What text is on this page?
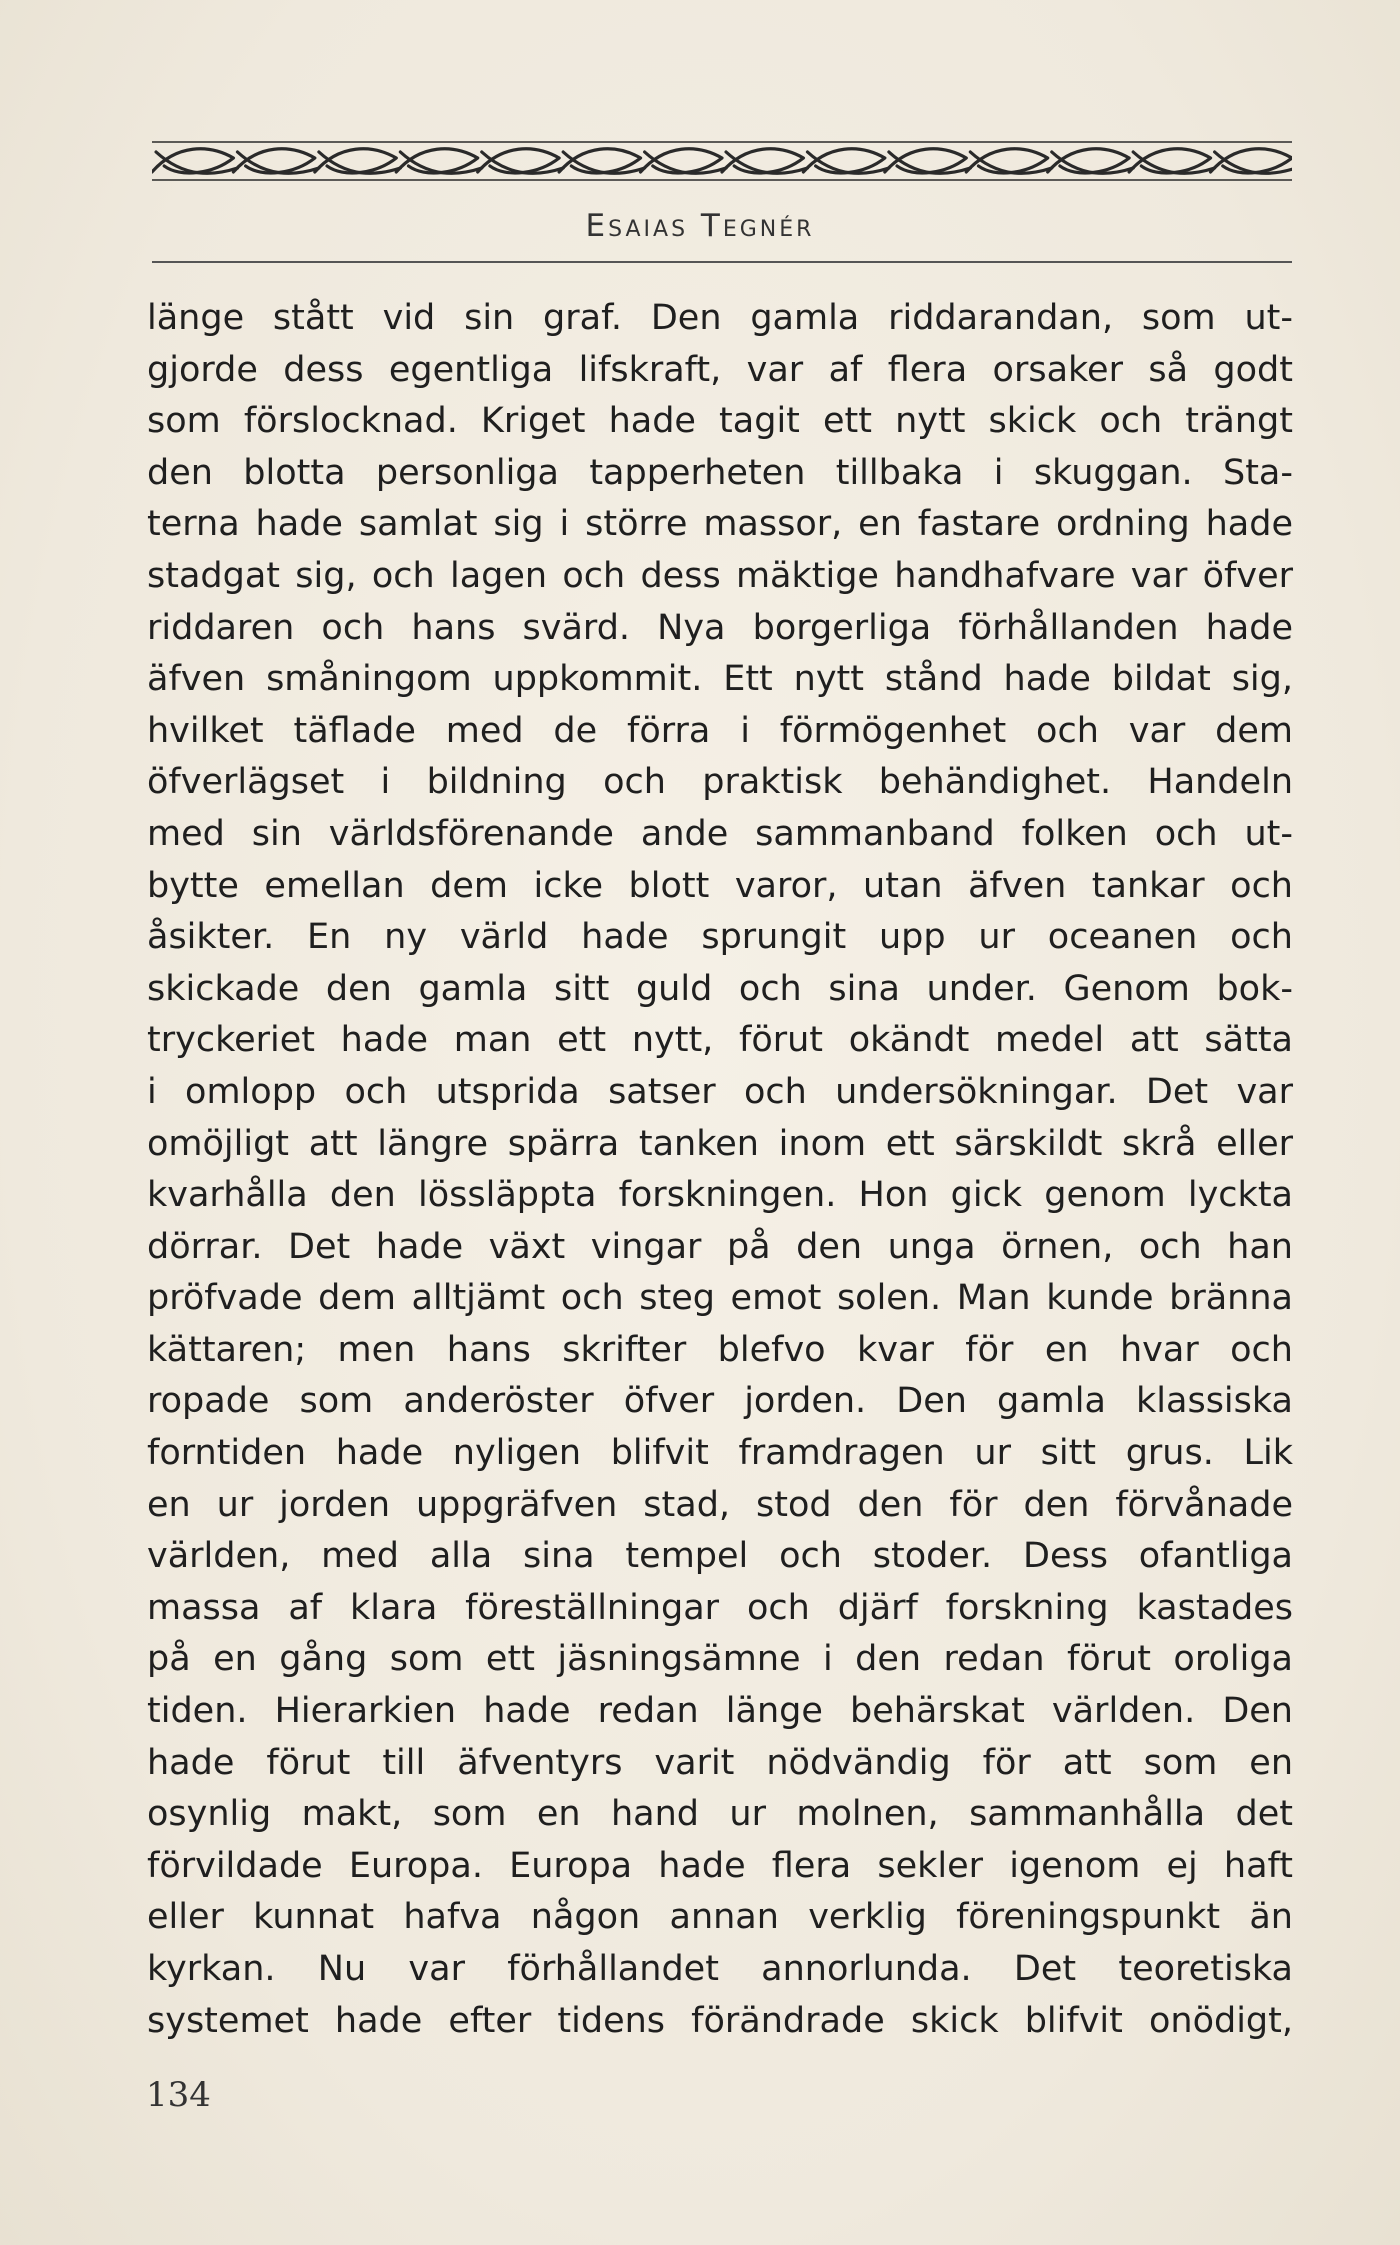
Esaias Tegnér
länge stått vid sin graf. Den gamla riddarandan, som ut-
gjorde dess egentliga lifskraft, var af flera orsaker så godt
som förslocknad. Kriget hade tagit ett nytt skick och trängt
den blotta personliga tapperheten tillbaka i skuggan. Sta-
terna hade samlat sig i större massor, en fastare ordning hade
stadgat sig, och lagen och dess mäktige handhafvare var öfver
riddaren och hans svärd. Nya borgerliga förhållanden hade
äfven småningom uppkommit. Ett nytt stånd hade bildat sig,
hvilket täflade med de förra i förmögenhet och var dem
öfverlägset i bildning och praktisk behändighet. Handeln
med sin världsförenande ande sammanband folken och ut-
bytte emellan dem icke blott varor, utan äfven tankar och
åsikter. En ny värld hade sprungit upp ur oceanen och
skickade den gamla sitt guld och sina under. Genom bok-
tryckeriet hade man ett nytt, förut okändt medel att sätta
i omlopp och utsprida satser och undersökningar. Det var
omöjligt att längre spärra tanken inom ett särskildt skrå eller
kvarhålla den lössläppta forskningen. Hon gick genom lyckta
dörrar. Det hade växt vingar på den unga örnen, och han
pröfvade dem alltjämt och steg emot solen. Man kunde bränna
kättaren; men hans skrifter blefvo kvar för en hvar och
ropade som anderöster öfver jorden. Den gamla klassiska
forntiden hade nyligen blifvit framdragen ur sitt grus. Lik
en ur jorden uppgräfven stad, stod den för den förvånade
världen, med alla sina tempel och stoder. Dess ofantliga
massa af klara föreställningar och djärf forskning kastades
på en gång som ett jäsningsämne i den redan förut oroliga
tiden. Hierarkien hade redan länge behärskat världen. Den
hade förut till äfventyrs varit nödvändig för att som en
osynlig makt, som en hand ur molnen, sammanhålla det
förvildade Europa. Europa hade flera sekler igenom ej haft
eller kunnat hafva någon annan verklig föreningspunkt än
kyrkan. Nu var förhållandet annorlunda. Det teoretiska
systemet hade efter tidens förändrade skick blifvit onödigt,
134
